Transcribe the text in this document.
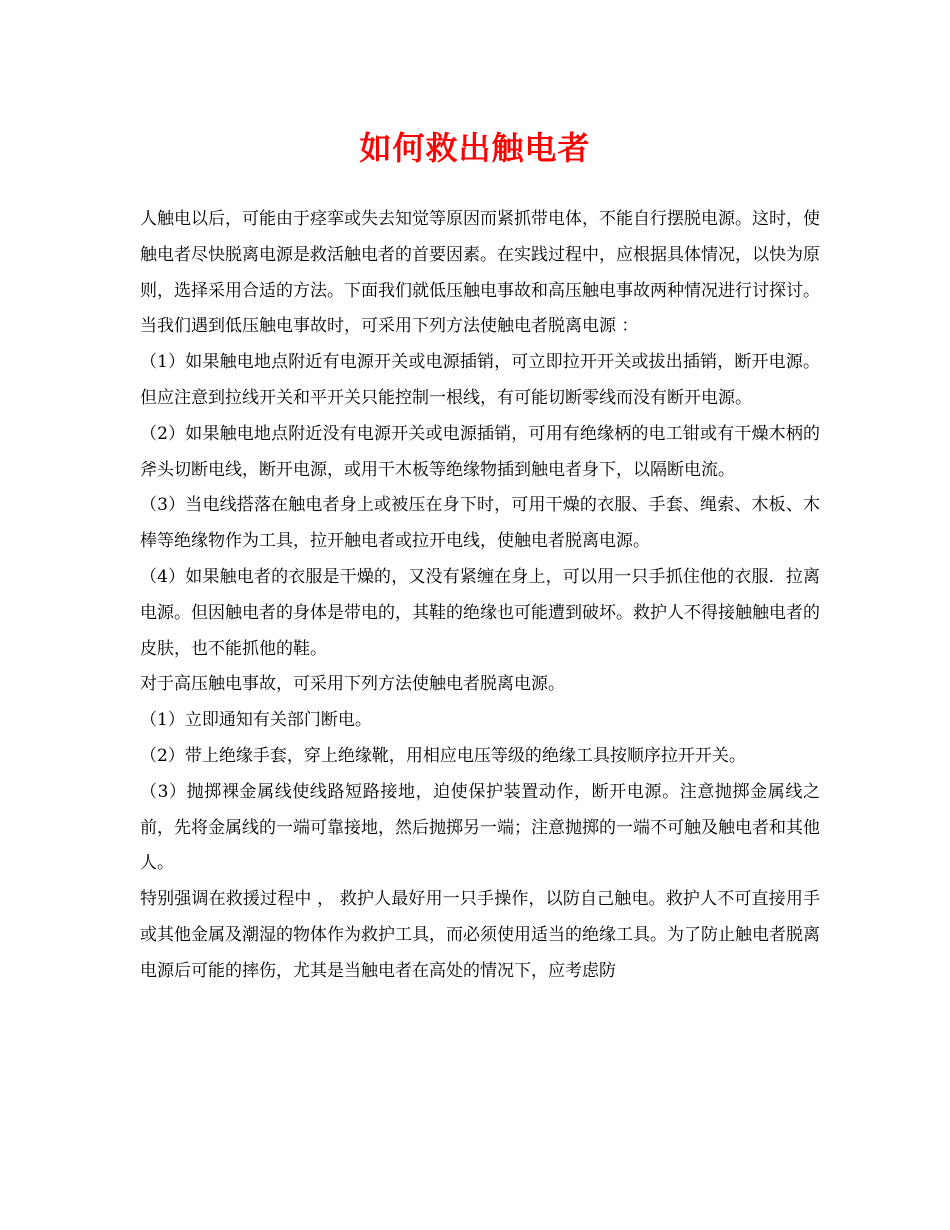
如何救出触电者

人触电以后，可能由于痉挛或失去知觉等原因而紧抓带电体，不能自行摆脱电源。这时，使触电者尽快脱离电源是救活触电者的首要因素。在实践过程中，应根据具体情况，以快为原则，选择采用合适的方法。下面我们就低压触电事故和高压触电事故两种情况进行讨探讨。

当我们遇到低压触电事故时，可采用下列方法使触电者脱离电源 ：

（1）如果触电地点附近有电源开关或电源插销，可立即拉开开关或拔出插销，断开电源。但应注意到拉线开关和平开关只能控制一根线，有可能切断零线而没有断开电源。

（2）如果触电地点附近没有电源开关或电源插销，可用有绝缘柄的电工钳或有干燥木柄的斧头切断电线，断开电源，或用干木板等绝缘物插到触电者身下，以隔断电流。

（3）当电线搭落在触电者身上或被压在身下时，可用干燥的衣服、手套、绳索、木板、木棒等绝缘物作为工具，拉开触电者或拉开电线，使触电者脱离电源。

（4）如果触电者的衣服是干燥的，又没有紧缠在身上，可以用一只手抓住他的衣服．拉离电源。但因触电者的身体是带电的，其鞋的绝缘也可能遭到破坏。救护人不得接触触电者的皮肤，也不能抓他的鞋。

对于高压触电事故，可采用下列方法使触电者脱离电源。

（1）立即通知有关部门断电。

（2）带上绝缘手套，穿上绝缘靴，用相应电压等级的绝缘工具按顺序拉开开关。

（3）抛掷裸金属线使线路短路接地，迫使保护装置动作，断开电源。注意抛掷金属线之前，先将金属线的一端可靠接地，然后抛掷另一端；注意抛掷的一端不可触及触电者和其他人。

特别强调在救援过程中 ， 救护人最好用一只手操作，以防自己触电。救护人不可直接用手或其他金属及潮湿的物体作为救护工具，而必须使用适当的绝缘工具。为了防止触电者脱离电源后可能的摔伤，尤其是当触电者在高处的情况下，应考虑防
